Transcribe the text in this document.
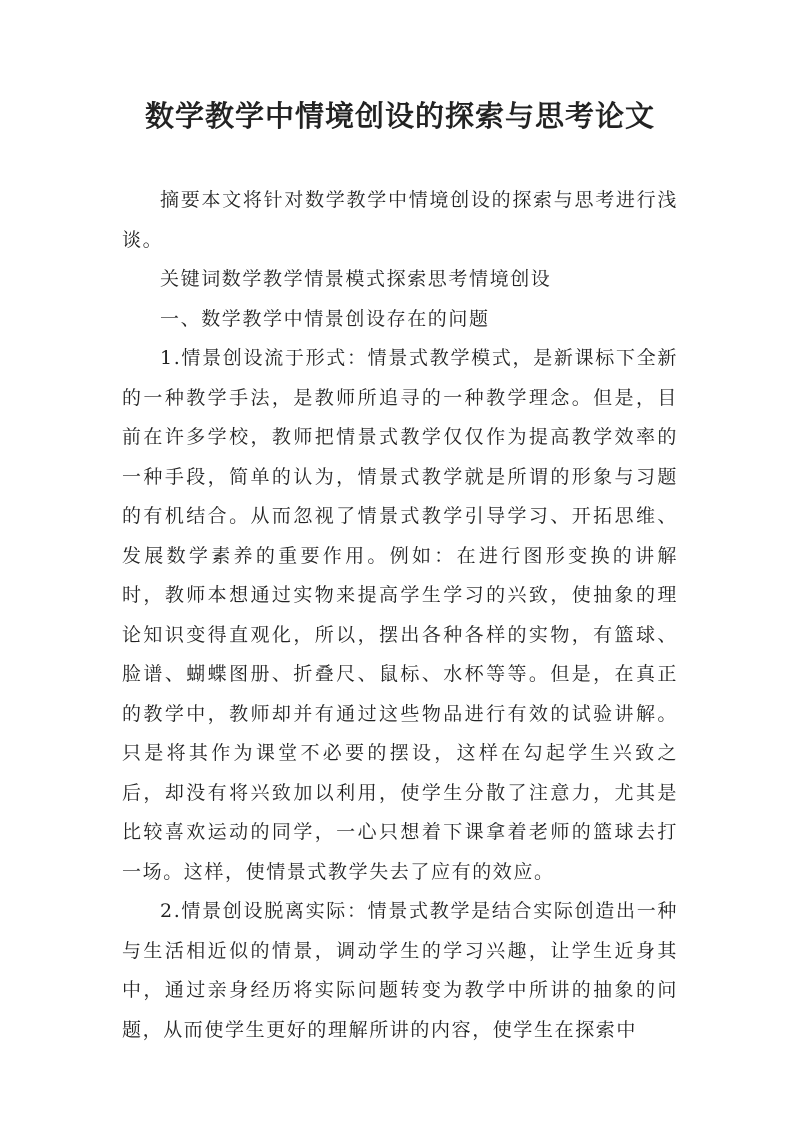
数学教学中情境创设的探索与思考论文

摘要本文将针对数学教学中情境创设的探索与思考进行浅谈。

关键词数学教学情景模式探索思考情境创设

一、数学教学中情景创设存在的问题

1.情景创设流于形式：情景式教学模式，是新课标下全新的一种教学手法，是教师所追寻的一种教学理念。但是，目前在许多学校，教师把情景式教学仅仅作为提高教学效率的一种手段，简单的认为，情景式教学就是所谓的形象与习题的有机结合。从而忽视了情景式教学引导学习、开拓思维、发展数学素养的重要作用。例如：在进行图形变换的讲解时，教师本想通过实物来提高学生学习的兴致，使抽象的理论知识变得直观化，所以，摆出各种各样的实物，有篮球、脸谱、蝴蝶图册、折叠尺、鼠标、水杯等等。但是，在真正的教学中，教师却并有通过这些物品进行有效的试验讲解。只是将其作为课堂不必要的摆设，这样在勾起学生兴致之后，却没有将兴致加以利用，使学生分散了注意力，尤其是比较喜欢运动的同学，一心只想着下课拿着老师的篮球去打一场。这样，使情景式教学失去了应有的效应。

2.情景创设脱离实际：情景式教学是结合实际创造出一种与生活相近似的情景，调动学生的学习兴趣，让学生近身其中，通过亲身经历将实际问题转变为教学中所讲的抽象的问题，从而使学生更好的理解所讲的内容，使学生在探索中
